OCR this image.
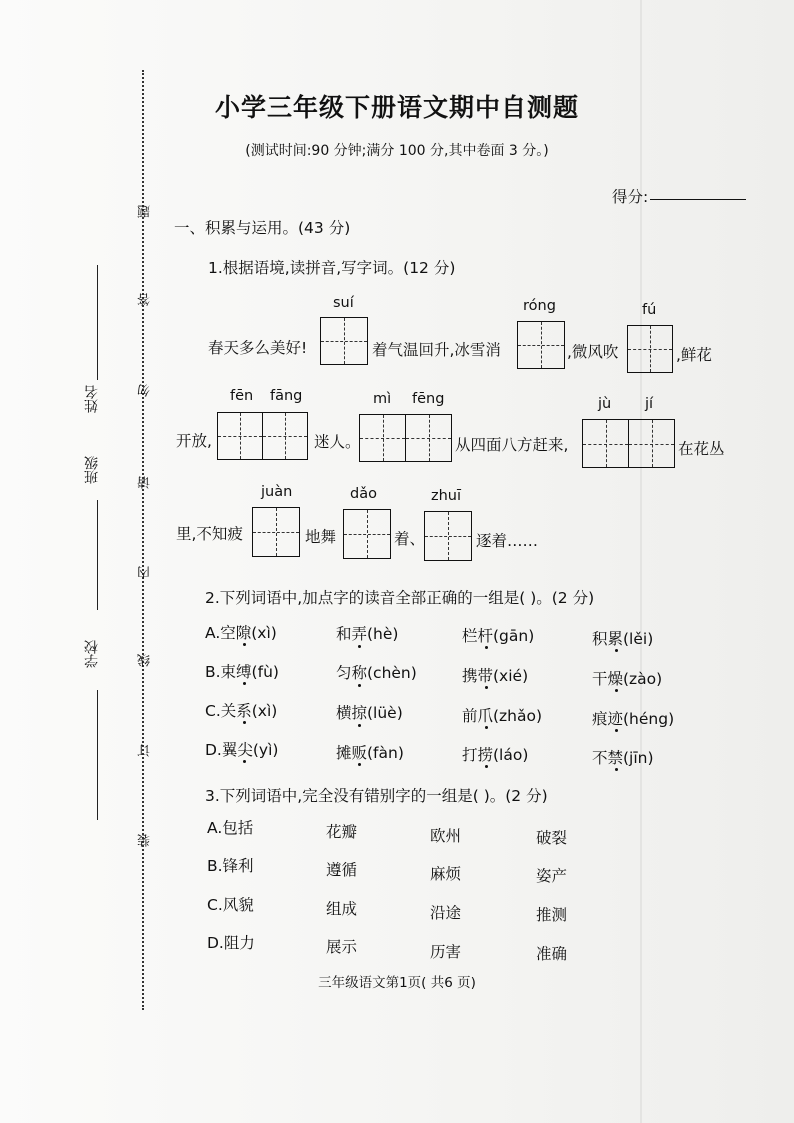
姓名
班级
学校
题
答
勿
请
内
线
订
装
小学三年级下册语文期中自测题
(测试时间:90 分钟;满分 100 分,其中卷面 3 分。)
得分:
一、积累与运用。(43 分)
1.根据语境,读拼音,写字词。(12 分)
suí	róng	fú
春天多么美好!	着气温回升,冰雪消	,微风吹	,鲜花
fēn fāng	mì fēng	jù jí
开放,	迷人。	从四面八方赶来,	在花丛
juàn	dǎo	zhuī
里,不知疲	地舞	着、	逐着……
2.下列词语中,加点字的读音全部正确的一组是( )。(2 分)
A.空隙(xì)	和弄(hè)	栏杆(gān)	积累(lěi)
B.束缚(fù)	匀称(chèn)	携带(xié)	干燥(zào)
C.关系(xì)	横掠(lüè)	前爪(zhǎo)	痕迹(héng)
D.翼尖(yì)	摊贩(fàn)	打捞(láo)	不禁(jīn)
3.下列词语中,完全没有错别字的一组是( )。(2 分)
A.包括	花瓣	欧州	破裂
B.锋利	遵循	麻烦	姿产
C.风貌	组成	沿途	推测
D.阻力	展示	历害	准确
三年级语文第1页( 共6 页)
